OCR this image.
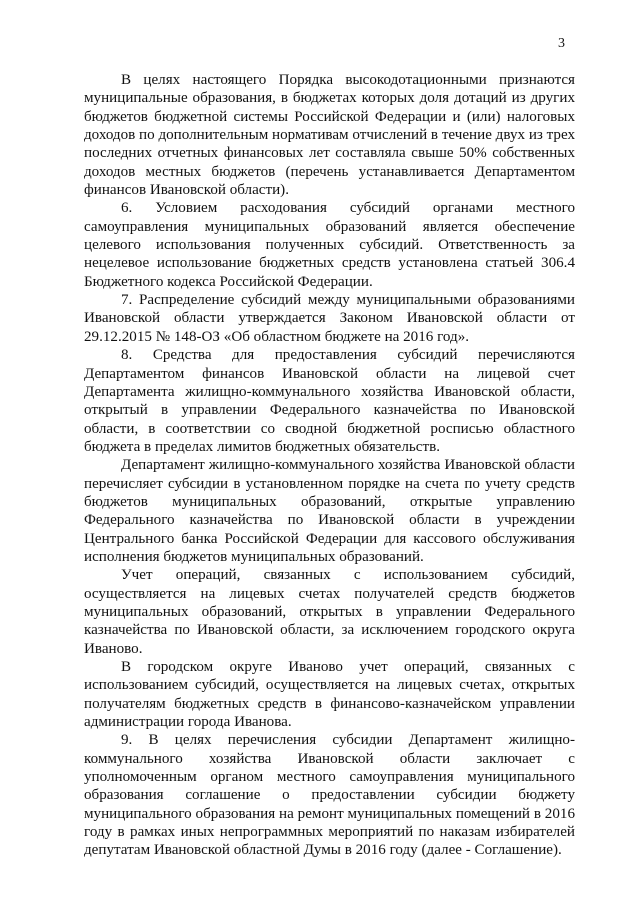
3

В целях настоящего Порядка высокодотационными признаются муниципальные образования, в бюджетах которых доля дотаций из других бюджетов бюджетной системы Российской Федерации и (или) налоговых доходов по дополнительным нормативам отчислений в течение двух из трех последних отчетных финансовых лет составляла свыше 50% собственных доходов местных бюджетов (перечень устанавливается Департаментом финансов Ивановской области).

6. Условием расходования субсидий органами местного самоуправления муниципальных образований является обеспечение целевого использования полученных субсидий. Ответственность за нецелевое использование бюджетных средств установлена статьей 306.4 Бюджетного кодекса Российской Федерации.

7. Распределение субсидий между муниципальными образованиями Ивановской области утверждается Законом Ивановской области от 29.12.2015 № 148-ОЗ «Об областном бюджете на 2016 год».

8. Средства для предоставления субсидий перечисляются Департаментом финансов Ивановской области на лицевой счет Департамента жилищно-коммунального хозяйства Ивановской области, открытый в управлении Федерального казначейства по Ивановской области, в соответствии со сводной бюджетной росписью областного бюджета в пределах лимитов бюджетных обязательств.

Департамент жилищно-коммунального хозяйства Ивановской области перечисляет субсидии в установленном порядке на счета по учету средств бюджетов муниципальных образований, открытые управлению Федерального казначейства по Ивановской области в учреждении Центрального банка Российской Федерации для кассового обслуживания исполнения бюджетов муниципальных образований.

Учет операций, связанных с использованием субсидий, осуществляется на лицевых счетах получателей средств бюджетов муниципальных образований, открытых в управлении Федерального казначейства по Ивановской области, за исключением городского округа Иваново.

В городском округе Иваново учет операций, связанных с использованием субсидий, осуществляется на лицевых счетах, открытых получателям бюджетных средств в финансово-казначейском управлении администрации города Иванова.

9. В целях перечисления субсидии Департамент жилищно-коммунального хозяйства Ивановской области заключает с уполномоченным органом местного самоуправления муниципального образования соглашение о предоставлении субсидии бюджету муниципального образования на ремонт муниципальных помещений в 2016 году в рамках иных непрограммных мероприятий по наказам избирателей депутатам Ивановской областной Думы в 2016 году (далее - Соглашение).
